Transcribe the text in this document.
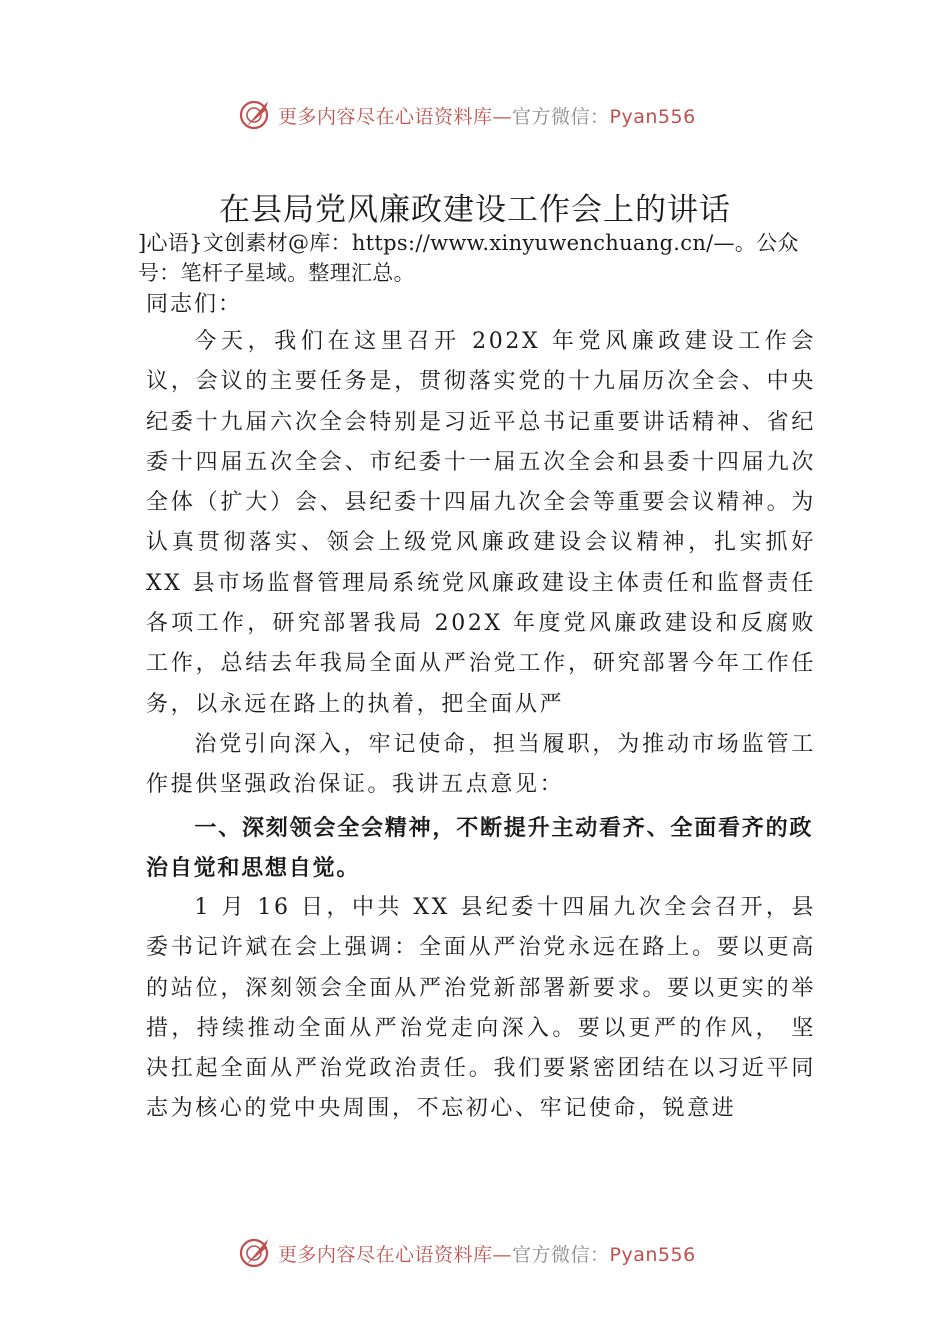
更多内容尽在心语资料库—官方微信：Pyan556
在县局党风廉政建设工作会上的讲话
]心语}文创素材@库：https://www.xinyuwenchuang.cn/—。公众号：笔杆子星域。整理汇总。
同志们：
今天，我们在这里召开 202X 年党风廉政建设工作会议，会议的主要任务是，贯彻落实党的十九届历次全会、中央纪委十九届六次全会特别是习近平总书记重要讲话精神、省纪委十四届五次全会、市纪委十一届五次全会和县委十四届九次全体（扩大）会、县纪委十四届九次全会等重要会议精神。为认真贯彻落实、领会上级党风廉政建设会议精神，扎实抓好XX 县市场监督管理局系统党风廉政建设主体责任和监督责任各项工作，研究部署我局 202X 年度党风廉政建设和反腐败工作，总结去年我局全面从严治党工作，研究部署今年工作任务，以永远在路上的执着，把全面从严
治党引向深入，牢记使命，担当履职，为推动市场监管工作提供坚强政治保证。我讲五点意见：
一、深刻领会全会精神，不断提升主动看齐、全面看齐的政治自觉和思想自觉。
1 月 16 日，中共 XX 县纪委十四届九次全会召开，县委书记许斌在会上强调：全面从严治党永远在路上。要以更高的站位，深刻领会全面从严治党新部署新要求。要以更实的举措，持续推动全面从严治党走向深入。要以更严的作风， 坚决扛起全面从严治党政治责任。我们要紧密团结在以习近平同志为核心的党中央周围，不忘初心、牢记使命，锐意进
更多内容尽在心语资料库—官方微信：Pyan556
